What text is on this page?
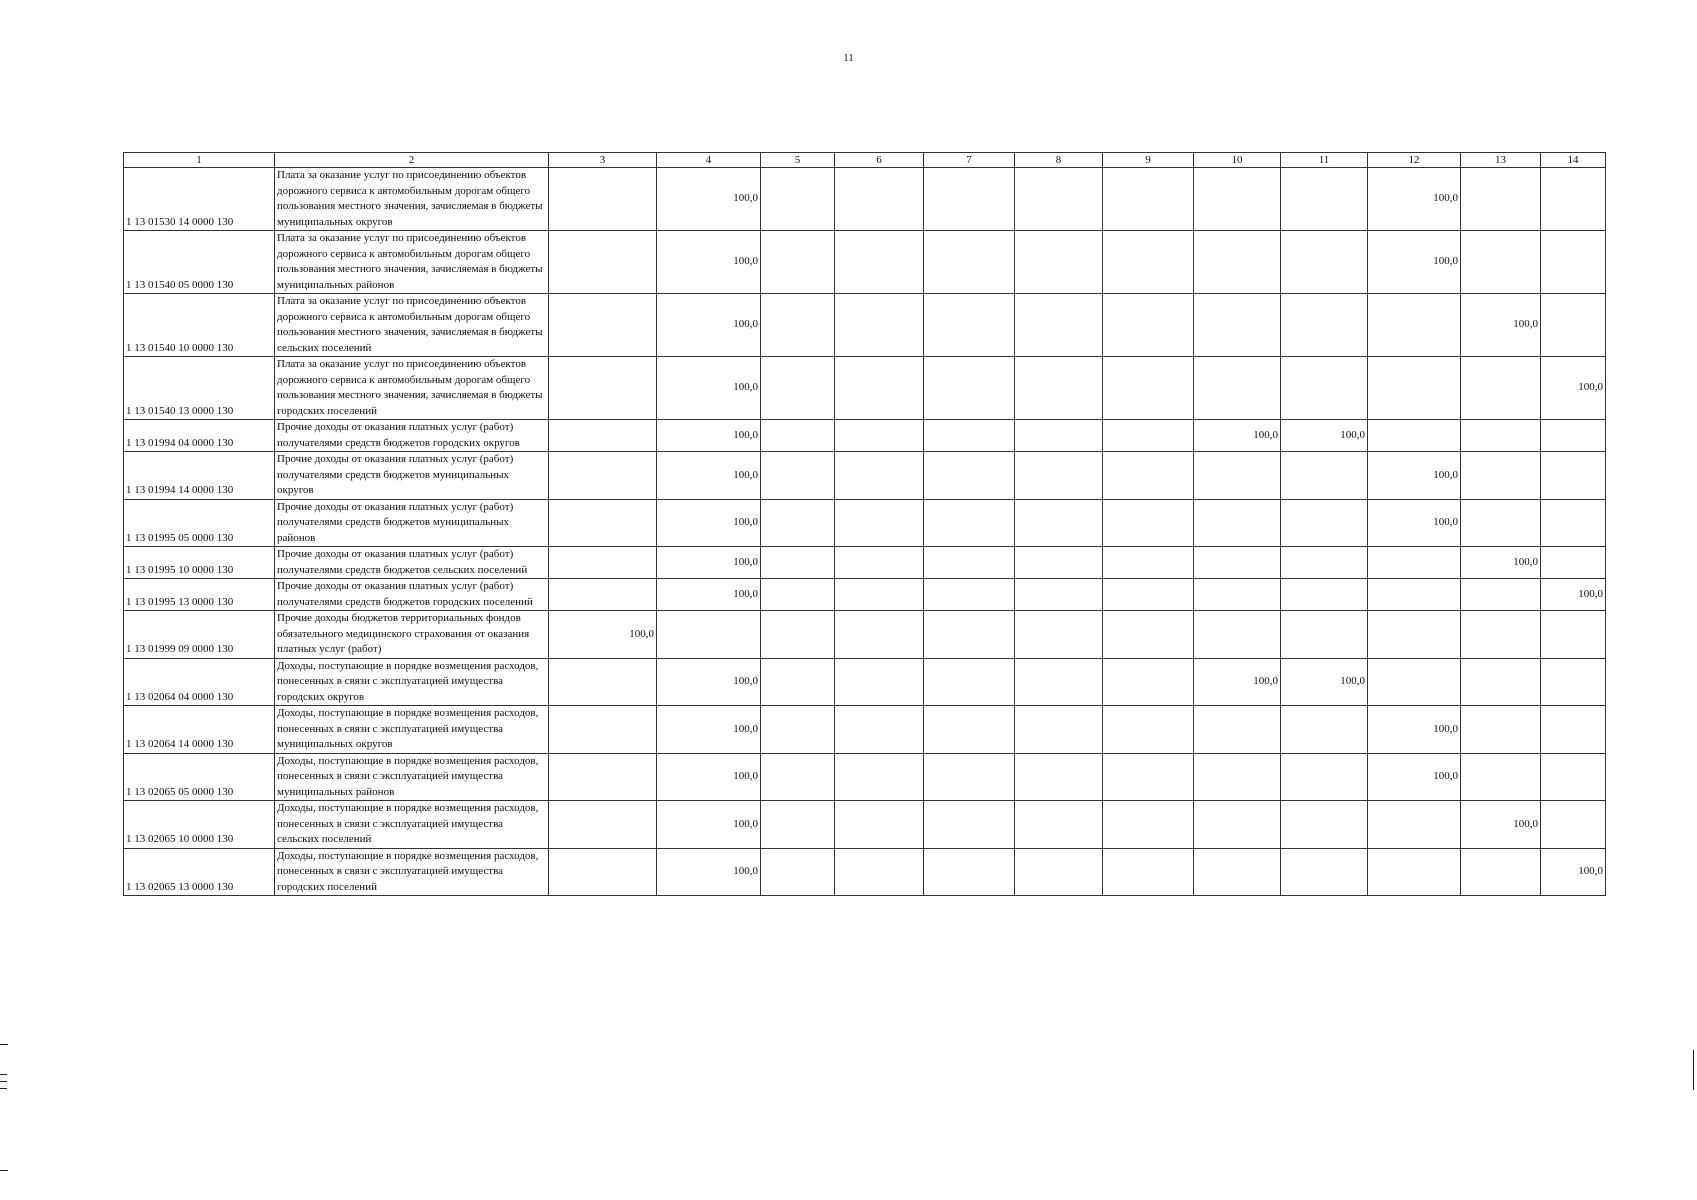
11
1	2	3	4	5	6	7	8	9	10	11	12	13	14
1 13 01530 14 0000 130	Плата за оказание услуг по присоединению объектов дорожного сервиса к автомобильным дорогам общего пользования местного значения, зачисляемая в бюджеты муниципальных округов		100,0								100,0		
1 13 01540 05 0000 130	Плата за оказание услуг по присоединению объектов дорожного сервиса к автомобильным дорогам общего пользования местного значения, зачисляемая в бюджеты муниципальных районов		100,0								100,0		
1 13 01540 10 0000 130	Плата за оказание услуг по присоединению объектов дорожного сервиса к автомобильным дорогам общего пользования местного значения, зачисляемая в бюджеты сельских поселений		100,0									100,0	
1 13 01540 13 0000 130	Плата за оказание услуг по присоединению объектов дорожного сервиса к автомобильным дорогам общего пользования местного значения, зачисляемая в бюджеты городских поселений		100,0										100,0
1 13 01994 04 0000 130	Прочие доходы от оказания платных услуг (работ) получателями средств бюджетов городских округов		100,0						100,0	100,0			
1 13 01994 14 0000 130	Прочие доходы от оказания платных услуг (работ) получателями средств бюджетов муниципальных округов		100,0								100,0		
1 13 01995 05 0000 130	Прочие доходы от оказания платных услуг (работ) получателями средств бюджетов муниципальных районов		100,0								100,0		
1 13 01995 10 0000 130	Прочие доходы от оказания платных услуг (работ) получателями средств бюджетов сельских поселений		100,0									100,0	
1 13 01995 13 0000 130	Прочие доходы от оказания платных услуг (работ) получателями средств бюджетов городских поселений		100,0										100,0
1 13 01999 09 0000 130	Прочие доходы бюджетов территориальных фондов обязательного медицинского страхования от оказания платных услуг (работ)	100,0											
1 13 02064 04 0000 130	Доходы, поступающие в порядке возмещения расходов, понесенных в связи с эксплуатацией имущества городских округов		100,0						100,0	100,0			
1 13 02064 14 0000 130	Доходы, поступающие в порядке возмещения расходов, понесенных в связи с эксплуатацией имущества муниципальных округов		100,0								100,0		
1 13 02065 05 0000 130	Доходы, поступающие в порядке возмещения расходов, понесенных в связи с эксплуатацией имущества муниципальных районов		100,0								100,0		
1 13 02065 10 0000 130	Доходы, поступающие в порядке возмещения расходов, понесенных в связи с эксплуатацией имущества сельских поселений		100,0									100,0	
1 13 02065 13 0000 130	Доходы, поступающие в порядке возмещения расходов, понесенных в связи с эксплуатацией имущества городских поселений		100,0										100,0
